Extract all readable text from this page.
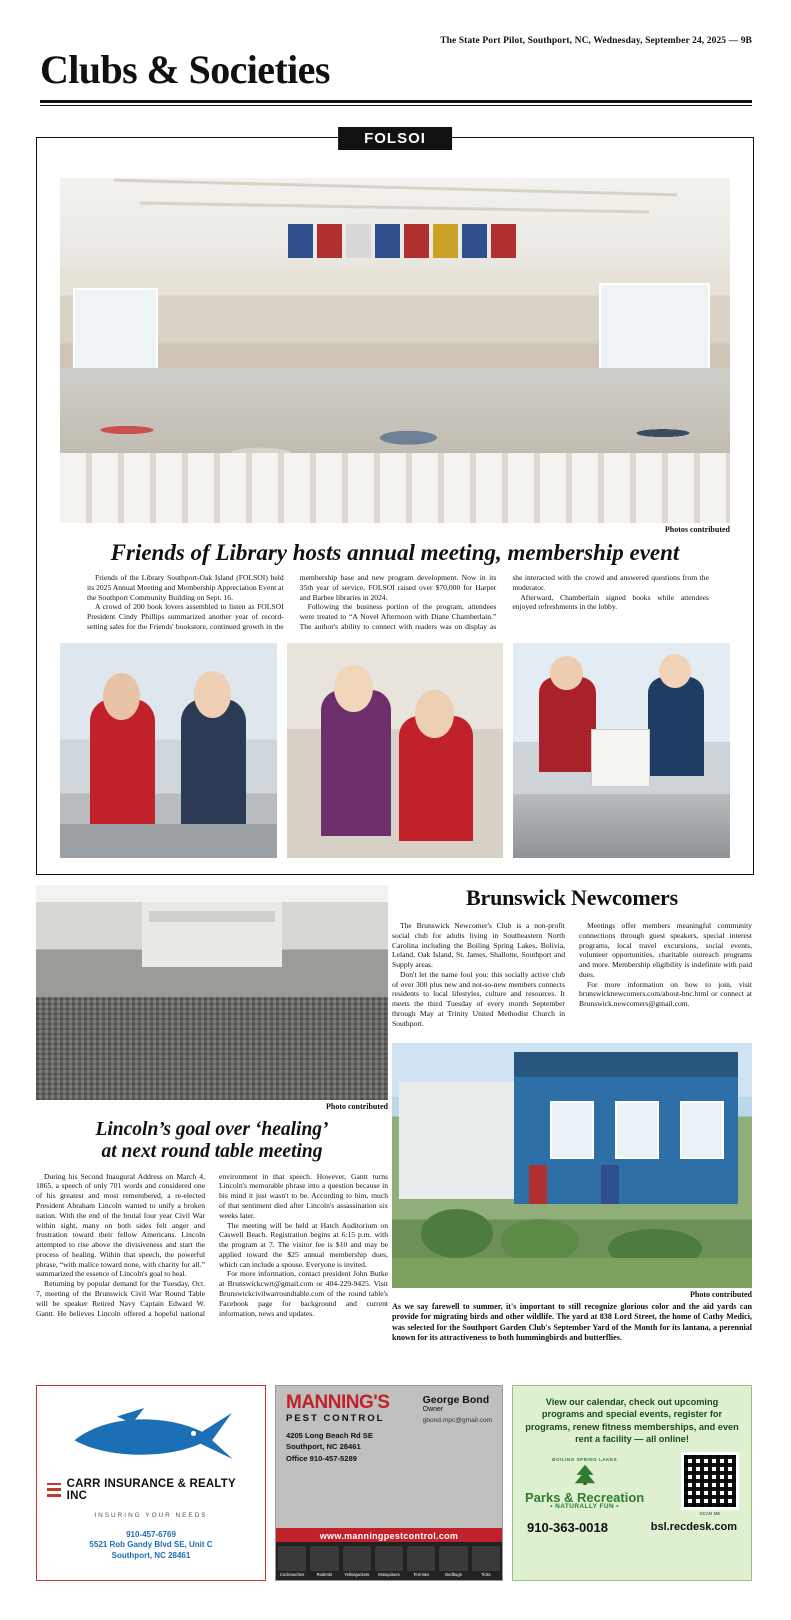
The State Port Pilot, Southport, NC, Wednesday, September 24, 2025 — 9B
Clubs & Societies
FOLSOI
Photos contributed
Friends of Library hosts annual meeting, membership event

Friends of the Library Southport-Oak Island (FOLSOI) held its 2025 Annual Meeting and Membership Appreciation Event at the Southport Community Building on Sept. 16.

A crowd of 200 book lovers assembled to listen as FOLSOI President Cindy Phillips summarized another year of record-setting sales for the Friends' bookstore, continued growth in the membership base and new program development. Now in its 35th year of service, FOLSOI raised over $70,000 for Harper and Barbee libraries in 2024.

Following the business portion of the program, attendees were treated to “A Novel Afternoon with Diane Chamberlain.” The author's ability to connect with readers was on display as she interacted with the crowd and answered questions from the moderator.

Afterward, Chamberlain signed books while attendees enjoyed refreshments in the lobby.

Photo contributed
Lincoln’s goal over ‘healing’
at next round table meeting

During his Second Inaugural Address on March 4, 1865, a speech of only 701 words and considered one of his greatest and most remembered, a re-elected President Abraham Lincoln wanted to unify a broken nation. With the end of the brutal four year Civil War within sight, many on both sides felt anger and frustration toward their fellow Americans. Lincoln attempted to rise above the divisiveness and start the process of healing. Within that speech, the powerful phrase, “with malice toward none, with charity for all.” summarized the essence of Lincoln's goal to heal.

Returning by popular demand for the Tuesday, Oct. 7, meeting of the Brunswick Civil War Round Table will be speaker Retired Navy Captain Edward W. Gantt. He believes Lincoln offered a hopeful national environment in that speech. However, Gantt turns Lincoln's memorable phrase into a question because in his mind it just wasn't to be. According to him, much of that sentiment died after Lincoln's assassination six weeks later.

The meeting will be held at Hatch Auditorium on Caswell Beach. Registration begins at 6:15 p.m. with the program at 7. The visitor fee is $10 and may be applied toward the $25 annual membership dues, which can include a spouse. Everyone is invited.

For more information, contact president John Butke at Brunswickcwrt@gmail.com or 404-229-9425. Visit Brunswickcivilwarroundtable.com of the round table's Facebook page for background and current information, news and updates.

Brunswick Newcomers

The Brunswick Newcomer's Club is a non-profit social club for adults living in Southeastern North Carolina including the Boiling Spring Lakes, Bolivia, Leland, Oak Island, St. James, Shallotte, Southport and Supply areas.

Don't let the name fool you: this socially active club of over 300 plus new and not-so-new members connects residents to local lifestyles, culture and resources. It meets the third Tuesday of every month September through May at Trinity United Methodist Church in Southport.

Meetings offer members meaningful community connections through guest speakers, special interest programs, local travel excursions, social events, volunteer opportunities, charitable outreach programs and more. Membership eligibility is indefinite with paid dues.

For more information on how to join, visit brunswicknewcomers.com/about-bnc.html or connect at Brunswick.newcomers@gmail.com.

Photo contributed
As we say farewell to summer, it's important to still recognize glorious color and the aid yards can provide for migrating birds and other wildlife. The yard at 838 Lord Street, the home of Cathy Medici, was selected for the Southport Garden Club's September Yard of the Month for its lantana, a perennial known for its attractiveness to both hummingbirds and butterflies.
CARR INSURANCE & REALTY INC
INSURING YOUR NEEDS
910-457-6769
5521 Rob Gandy Blvd SE, Unit C
Southport, NC 28461
MANNING'S
PEST CONTROL
George Bond
Owner
gbond.mpc@gmail.com
4205 Long Beach Rd SE
Southport, NC 28461
Office 910-457-5289
www.manningpestcontrol.com
Cockroaches	Rodents	Yellowjackets	Mosquitoes	Termites	Bedbugs	Ticks
View our calendar, check out upcoming programs and special events, register for programs, renew fitness memberships, and even rent a facility — all online!
BOILING SPRING LAKES
Parks & Recreation
• NATURALLY FUN •
SCAN ME
910-363-0018	bsl.recdesk.com
